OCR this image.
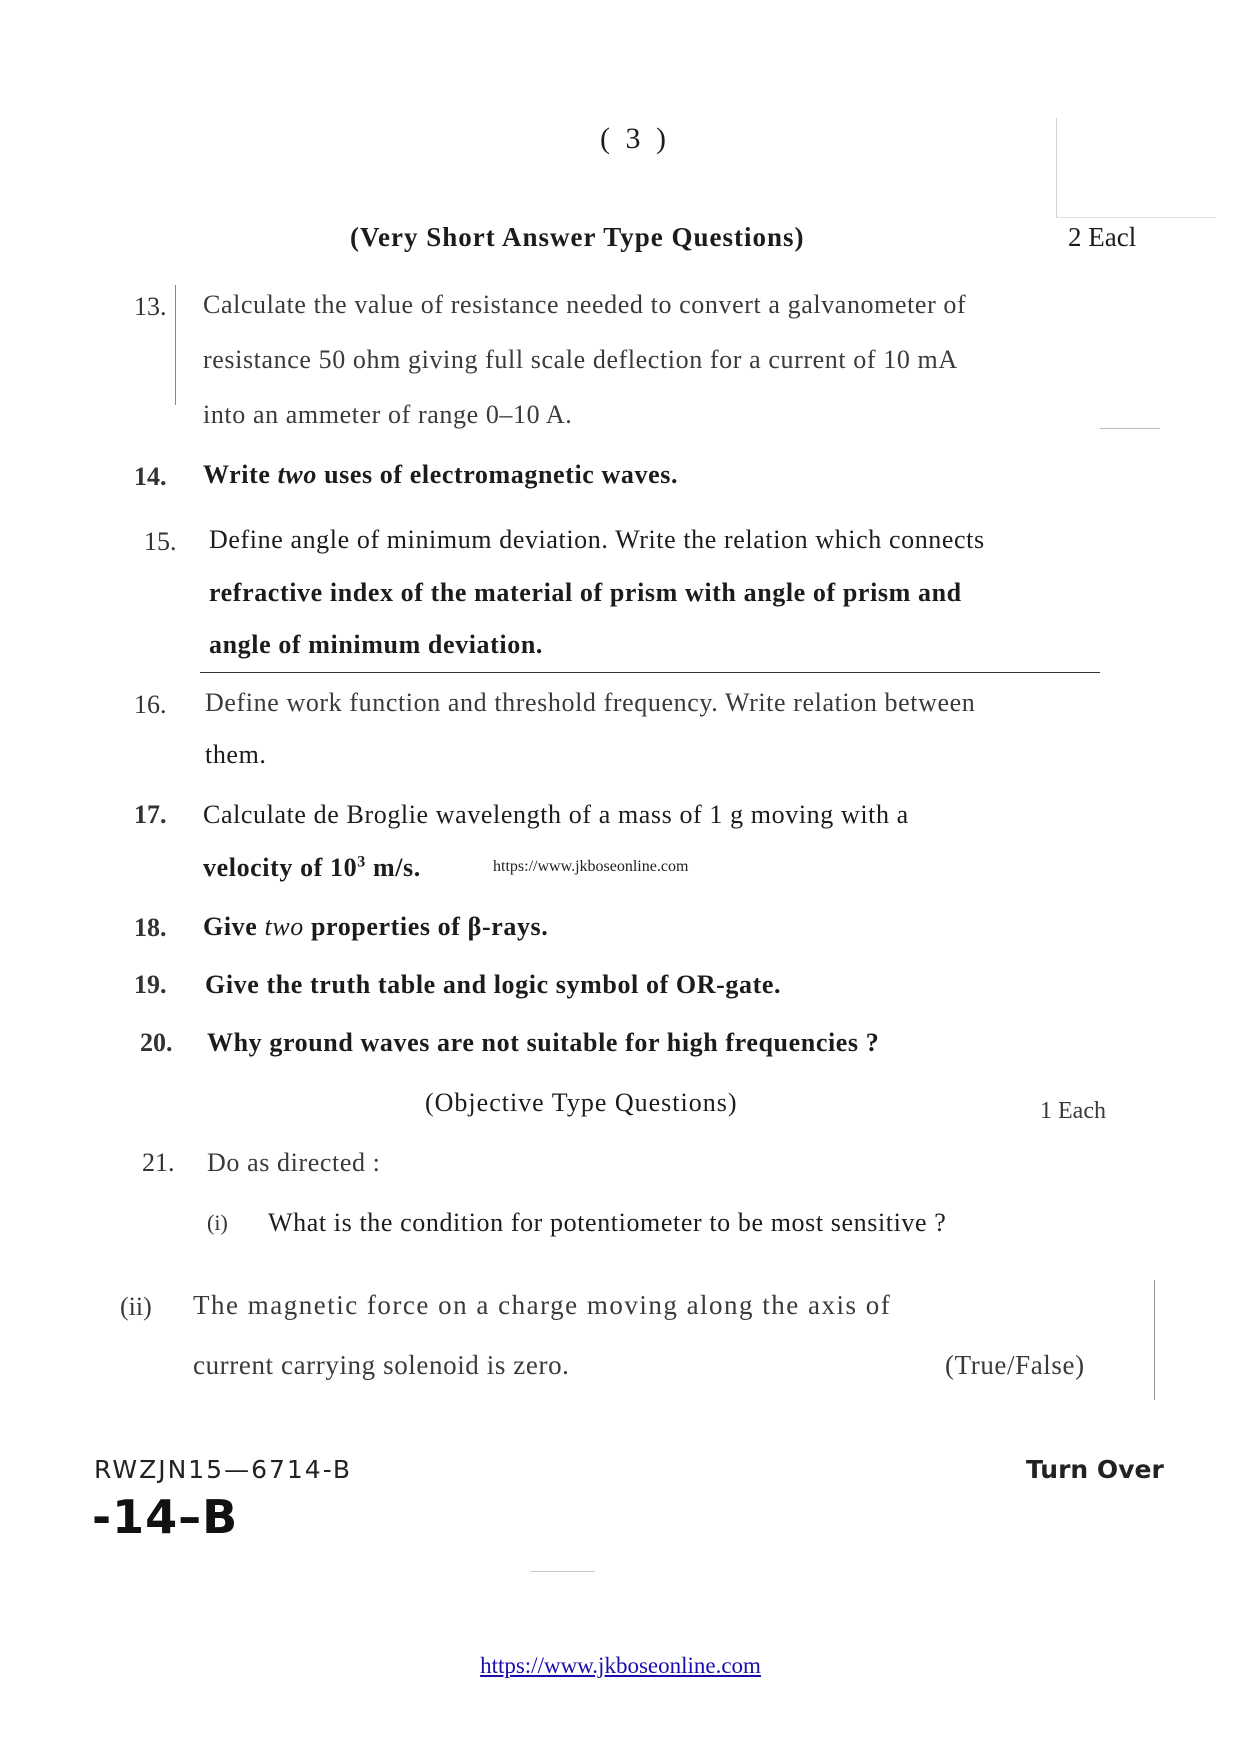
( 3 )
(Very Short Answer Type Questions)	2 Eacl
13. Calculate the value of resistance needed to convert a galvanometer of
resistance 50 ohm giving full scale deflection for a current of 10 mA
into an ammeter of range 0–10 A.
14. Write two uses of electromagnetic waves.
15. Define angle of minimum deviation. Write the relation which connects
refractive index of the material of prism with angle of prism and
angle of minimum deviation.
16. Define work function and threshold frequency. Write relation between
them.
17. Calculate de Broglie wavelength of a mass of 1 g moving with a
velocity of $10^3$ m/s.	https://www.jkboseonline.com
18. Give two properties of β-rays.
19. Give the truth table and logic symbol of OR-gate.
20. Why ground waves are not suitable for high frequencies ?
(Objective Type Questions)	1 Each
21. Do as directed :
(i) What is the condition for potentiometer to be most sensitive ?
(ii) The magnetic force on a charge moving along the axis of
current carrying solenoid is zero.	(True/False)
RWZJN15—6714-B
-14–B
Turn Over
https://www.jkboseonline.com
